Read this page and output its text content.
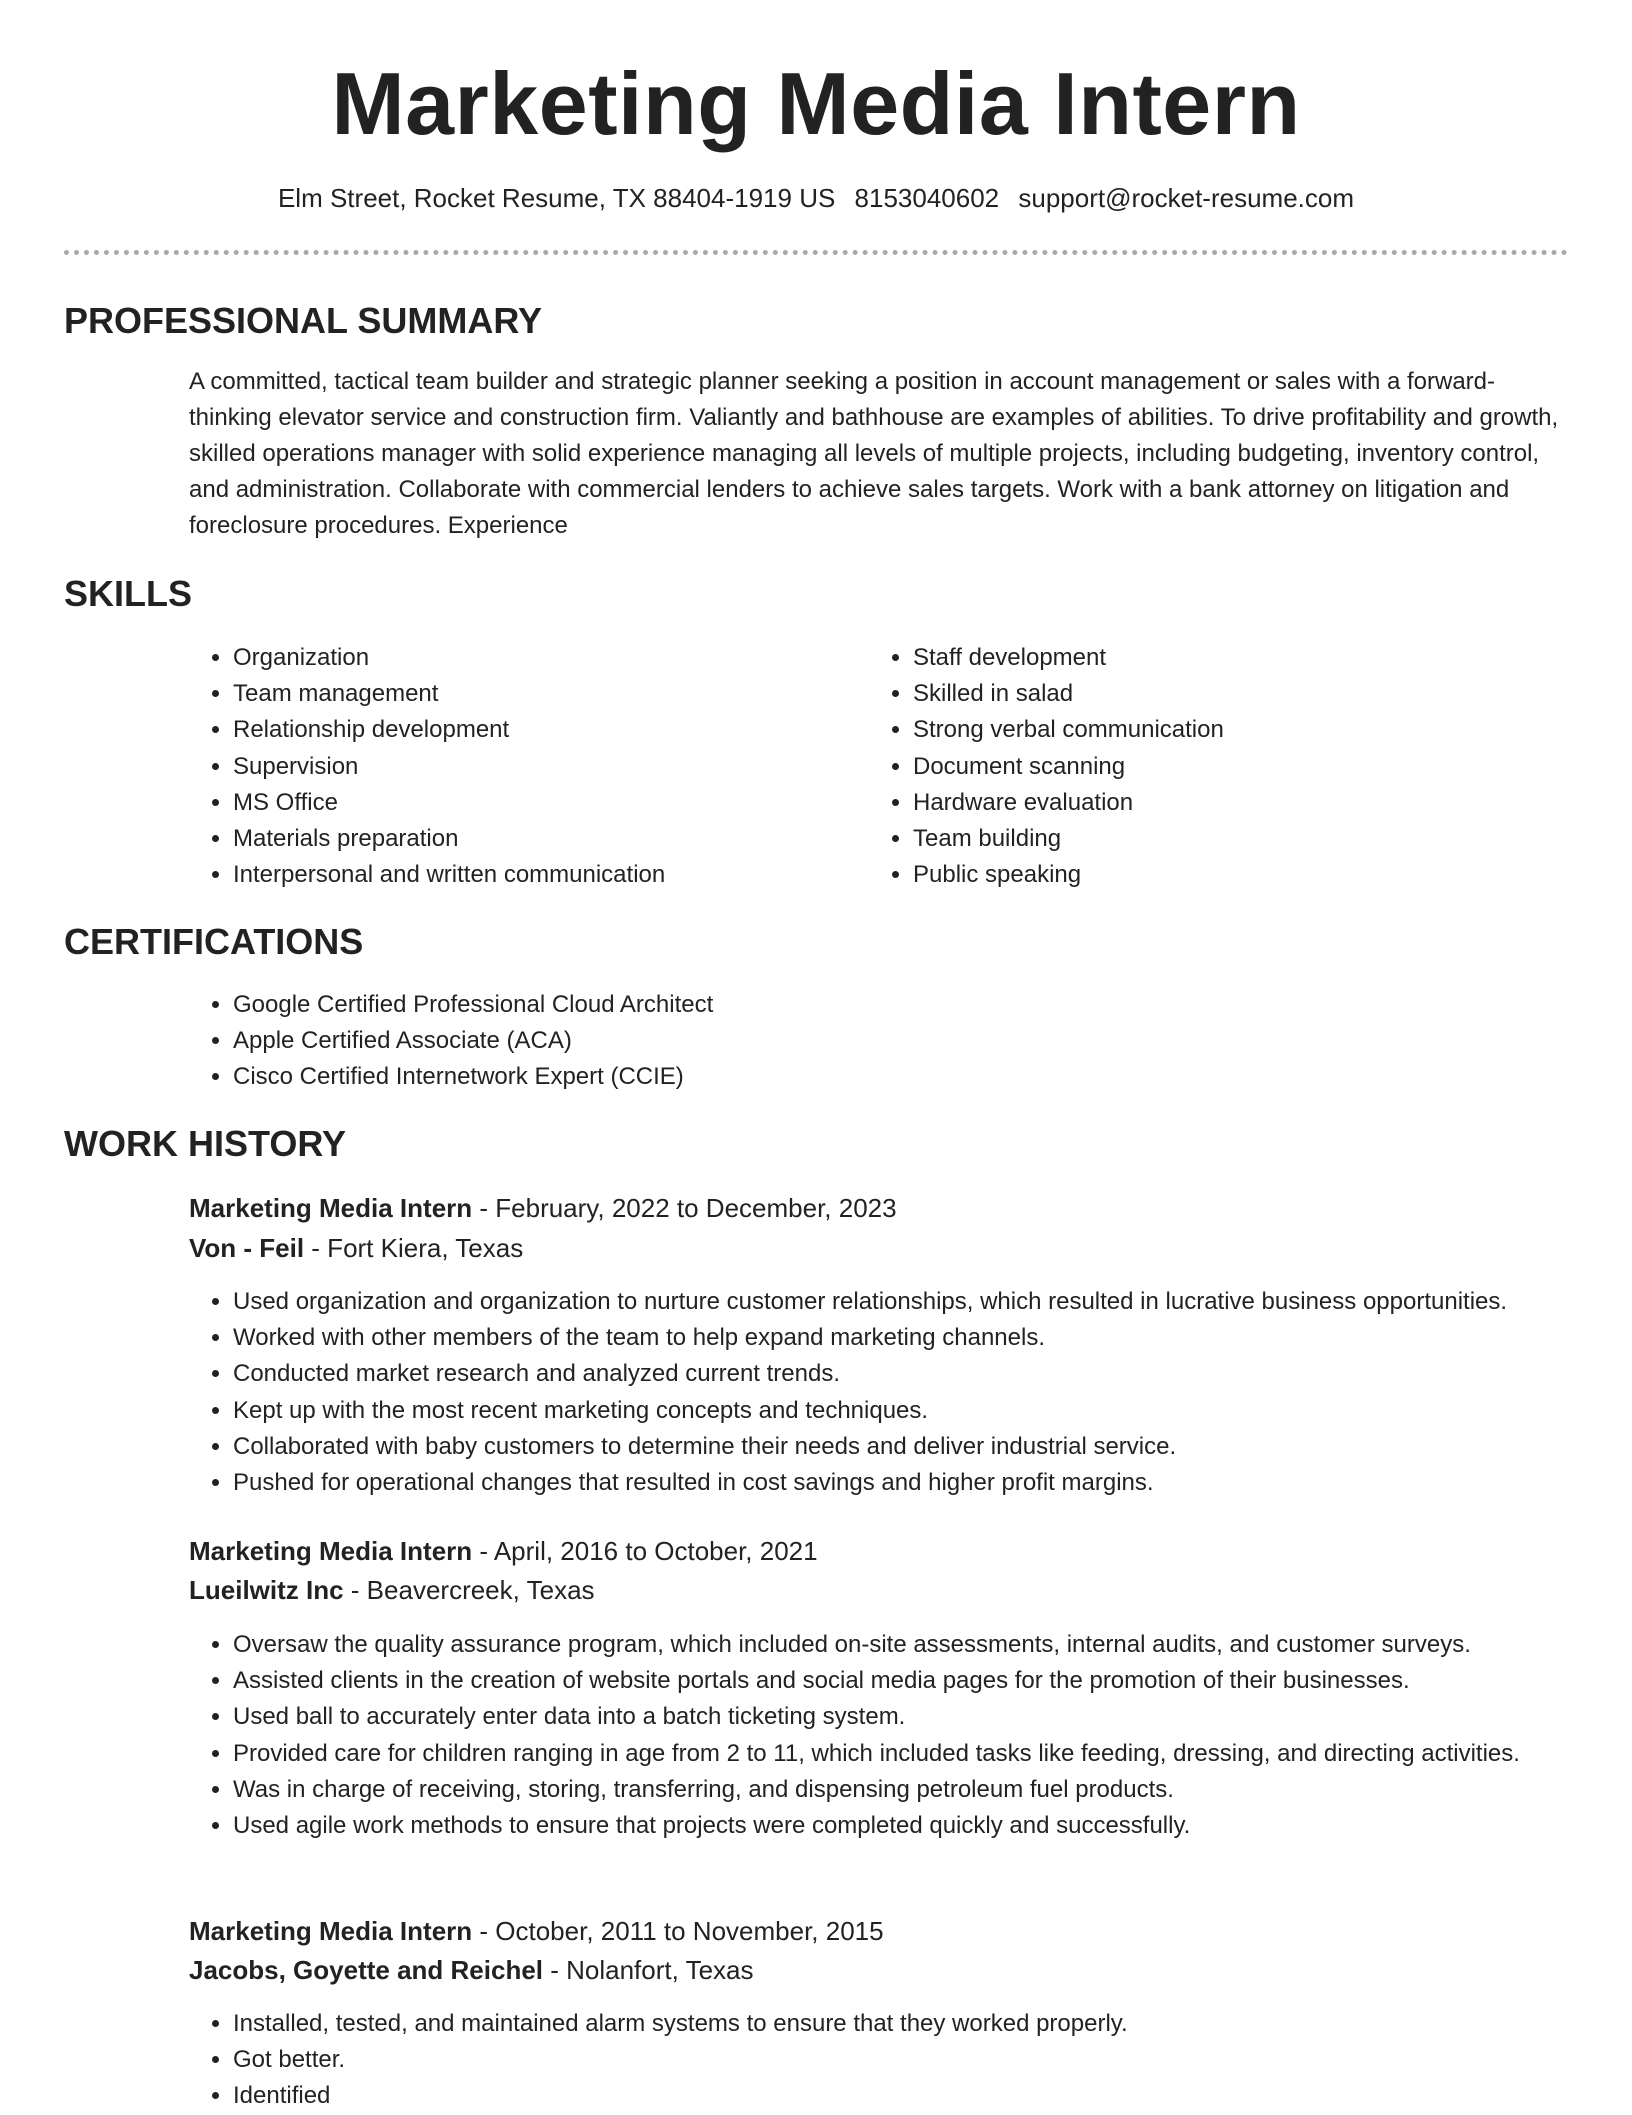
Marketing Media Intern
Elm Street, Rocket Resume, TX 88404-1919 US 8153040602 support@rocket-resume.com
PROFESSIONAL SUMMARY

A committed, tactical team builder and strategic planner seeking a position in account management or sales with a forward-thinking elevator service and construction firm. Valiantly and bathhouse are examples of abilities. To drive profitability and growth, skilled operations manager with solid experience managing all levels of multiple projects, including budgeting, inventory control, and administration. Collaborate with commercial lenders to achieve sales targets. Work with a bank attorney on litigation and foreclosure procedures. Experience

SKILLS
• Organization
• Team management
• Relationship development
• Supervision
• MS Office
• Materials preparation
• Interpersonal and written communication
• Staff development
• Skilled in salad
• Strong verbal communication
• Document scanning
• Hardware evaluation
• Team building
• Public speaking
CERTIFICATIONS
• Google Certified Professional Cloud Architect
• Apple Certified Associate (ACA)
• Cisco Certified Internetwork Expert (CCIE)
WORK HISTORY
Marketing Media Intern - February, 2022 to December, 2023
Von - Feil - Fort Kiera, Texas
• Used organization and organization to nurture customer relationships, which resulted in lucrative business opportunities.
• Worked with other members of the team to help expand marketing channels.
• Conducted market research and analyzed current trends.
• Kept up with the most recent marketing concepts and techniques.
• Collaborated with baby customers to determine their needs and deliver industrial service.
• Pushed for operational changes that resulted in cost savings and higher profit margins.
Marketing Media Intern - April, 2016 to October, 2021
Lueilwitz Inc - Beavercreek, Texas
• Oversaw the quality assurance program, which included on-site assessments, internal audits, and customer surveys.
• Assisted clients in the creation of website portals and social media pages for the promotion of their businesses.
• Used ball to accurately enter data into a batch ticketing system.
• Provided care for children ranging in age from 2 to 11, which included tasks like feeding, dressing, and directing activities.
• Was in charge of receiving, storing, transferring, and dispensing petroleum fuel products.
• Used agile work methods to ensure that projects were completed quickly and successfully.
Marketing Media Intern - October, 2011 to November, 2015
Jacobs, Goyette and Reichel - Nolanfort, Texas
• Installed, tested, and maintained alarm systems to ensure that they worked properly.
• Got better.
• Identified
